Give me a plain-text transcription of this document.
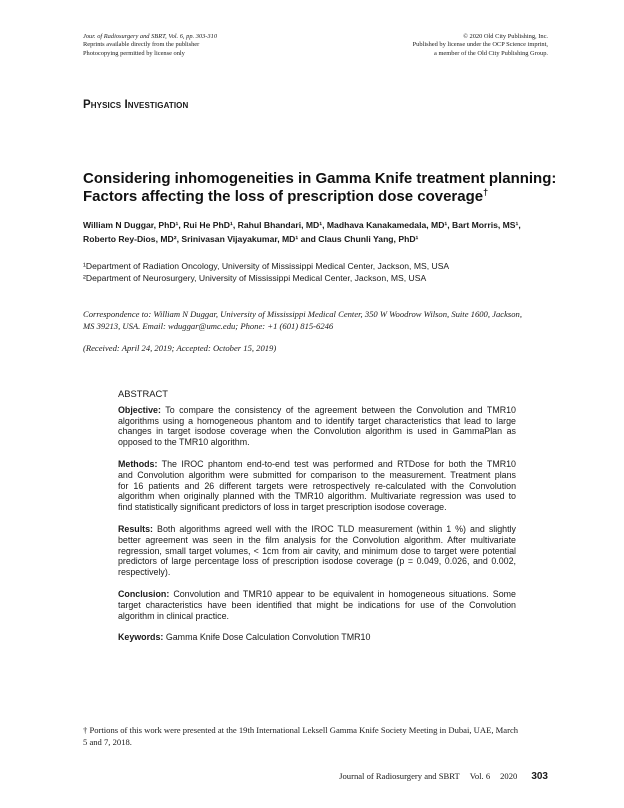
Jour. of Radiosurgery and SBRT, Vol. 6, pp. 303-310
Reprints available directly from the publisher
Photocopying permitted by license only
© 2020 Old City Publishing, Inc.
Published by license under the OCP Science imprint,
a member of the Old City Publishing Group.
Physics Investigation
Considering inhomogeneities in Gamma Knife treatment planning:
Factors affecting the loss of prescription dose coverage†
William N Duggar, PhD¹, Rui He PhD¹, Rahul Bhandari, MD¹, Madhava Kanakamedala, MD¹, Bart Morris, MS¹,
Roberto Rey-Dios, MD², Srinivasan Vijayakumar, MD¹ and Claus Chunli Yang, PhD¹
¹Department of Radiation Oncology, University of Mississippi Medical Center, Jackson, MS, USA
²Department of Neurosurgery, University of Mississippi Medical Center, Jackson, MS, USA
Correspondence to: William N Duggar, University of Mississippi Medical Center, 350 W Woodrow Wilson, Suite 1600, Jackson,
MS 39213, USA. Email: wduggar@umc.edu; Phone: +1 (601) 815-6246
(Received: April 24, 2019; Accepted: October 15, 2019)
ABSTRACT
Objective: To compare the consistency of the agreement between the Convolution and TMR10
algorithms using a homogeneous phantom and to identify target characteristics that lead to large
changes in target isodose coverage when the Convolution algorithm is used in GammaPlan as
opposed to the TMR10 algorithm.
Methods: The IROC phantom end-to-end test was performed and RTDose for both the TMR10
and Convolution algorithm were submitted for comparison to the measurement. Treatment plans
for 16 patients and 26 different targets were retrospectively re-calculated with the Convolution
algorithm when originally planned with the TMR10 algorithm. Multivariate regression was used to
find statistically significant predictors of loss in target prescription isodose coverage.
Results: Both algorithms agreed well with the IROC TLD measurement (within 1 %) and slightly
better agreement was seen in the film analysis for the Convolution algorithm. After multivariate
regression, small target volumes, < 1cm from air cavity, and minimum dose to target were potential
predictors of large percentage loss of prescription isodose coverage (p = 0.049, 0.026, and 0.002,
respectively).
Conclusion: Convolution and TMR10 appear to be equivalent in homogeneous situations. Some
target characteristics have been identified that might be indications for use of the Convolution
algorithm in clinical practice.
Keywords: Gamma Knife Dose Calculation Convolution TMR10
† Portions of this work were presented at the 19th International Leksell Gamma Knife Society Meeting in Dubai, UAE, March
5 and 7, 2018.
Journal of Radiosurgery and SBRT Vol. 6 2020 303
